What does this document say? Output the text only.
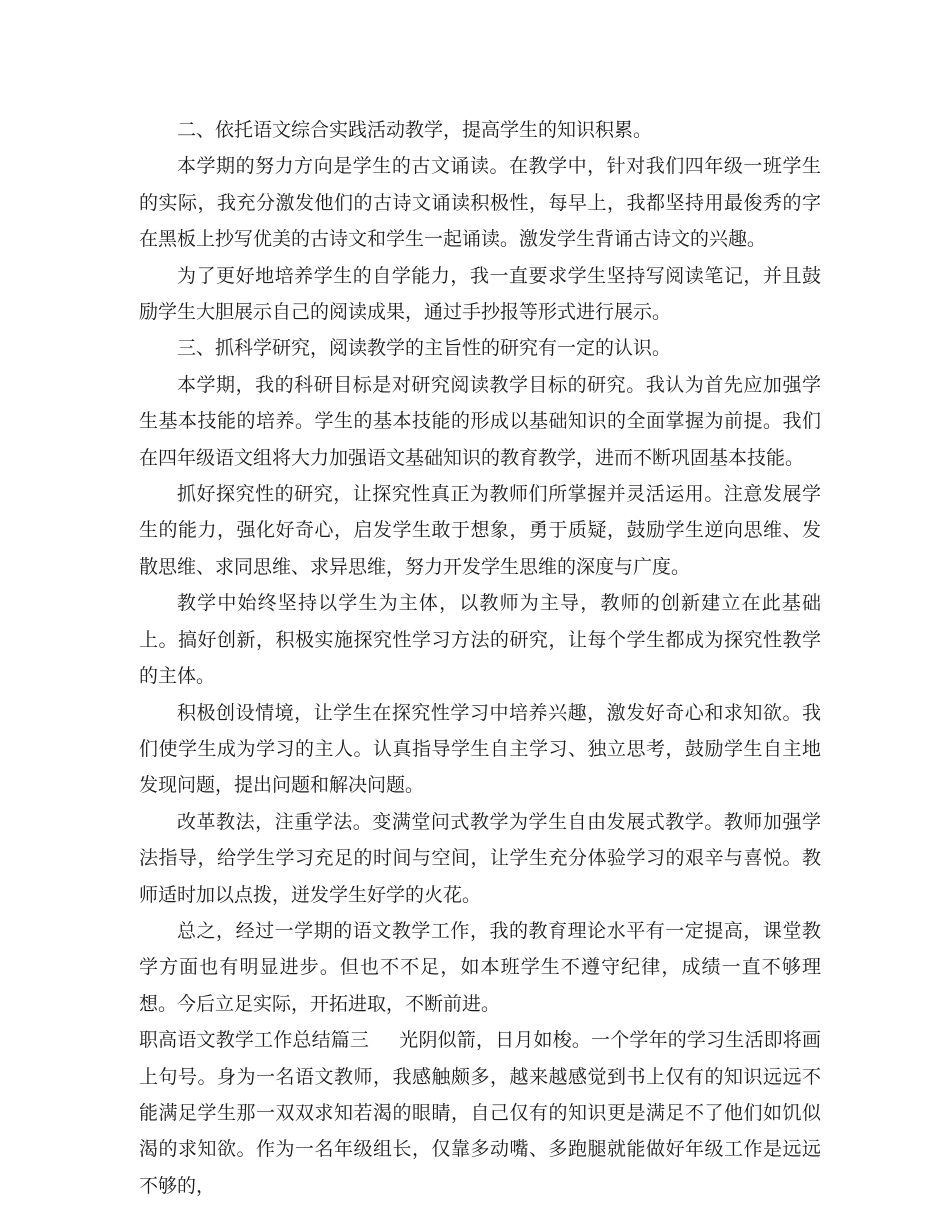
二、依托语文综合实践活动教学，提高学生的知识积累。

本学期的努力方向是学生的古文诵读。在教学中，针对我们四年级一班学生的实际，我充分激发他们的古诗文诵读积极性，每早上，我都坚持用最俊秀的字在黑板上抄写优美的古诗文和学生一起诵读。激发学生背诵古诗文的兴趣。

为了更好地培养学生的自学能力，我一直要求学生坚持写阅读笔记，并且鼓励学生大胆展示自己的阅读成果，通过手抄报等形式进行展示。

三、抓科学研究，阅读教学的主旨性的研究有一定的认识。

本学期，我的科研目标是对研究阅读教学目标的研究。我认为首先应加强学生基本技能的培养。学生的基本技能的形成以基础知识的全面掌握为前提。我们在四年级语文组将大力加强语文基础知识的教育教学，进而不断巩固基本技能。

抓好探究性的研究，让探究性真正为教师们所掌握并灵活运用。注意发展学生的能力，强化好奇心，启发学生敢于想象，勇于质疑，鼓励学生逆向思维、发散思维、求同思维、求异思维，努力开发学生思维的深度与广度。

教学中始终坚持以学生为主体，以教师为主导，教师的创新建立在此基础上。搞好创新，积极实施探究性学习方法的研究，让每个学生都成为探究性教学的主体。

积极创设情境，让学生在探究性学习中培养兴趣，激发好奇心和求知欲。我们使学生成为学习的主人。认真指导学生自主学习、独立思考，鼓励学生自主地发现问题，提出问题和解决问题。

改革教法，注重学法。变满堂问式教学为学生自由发展式教学。教师加强学法指导，给学生学习充足的时间与空间，让学生充分体验学习的艰辛与喜悦。教师适时加以点拨，迸发学生好学的火花。

总之，经过一学期的语文教学工作，我的教育理论水平有一定提高，课堂教学方面也有明显进步。但也不不足，如本班学生不遵守纪律，成绩一直不够理想。今后立足实际，开拓进取，不断前进。

职高语文教学工作总结篇三 光阴似箭，日月如梭。一个学年的学习生活即将画上句号。身为一名语文教师，我感触颇多，越来越感觉到书上仅有的知识远远不能满足学生那一双双求知若渴的眼睛，自己仅有的知识更是满足不了他们如饥似渴的求知欲。作为一名年级组长，仅靠多动嘴、多跑腿就能做好年级工作是远远不够的，
